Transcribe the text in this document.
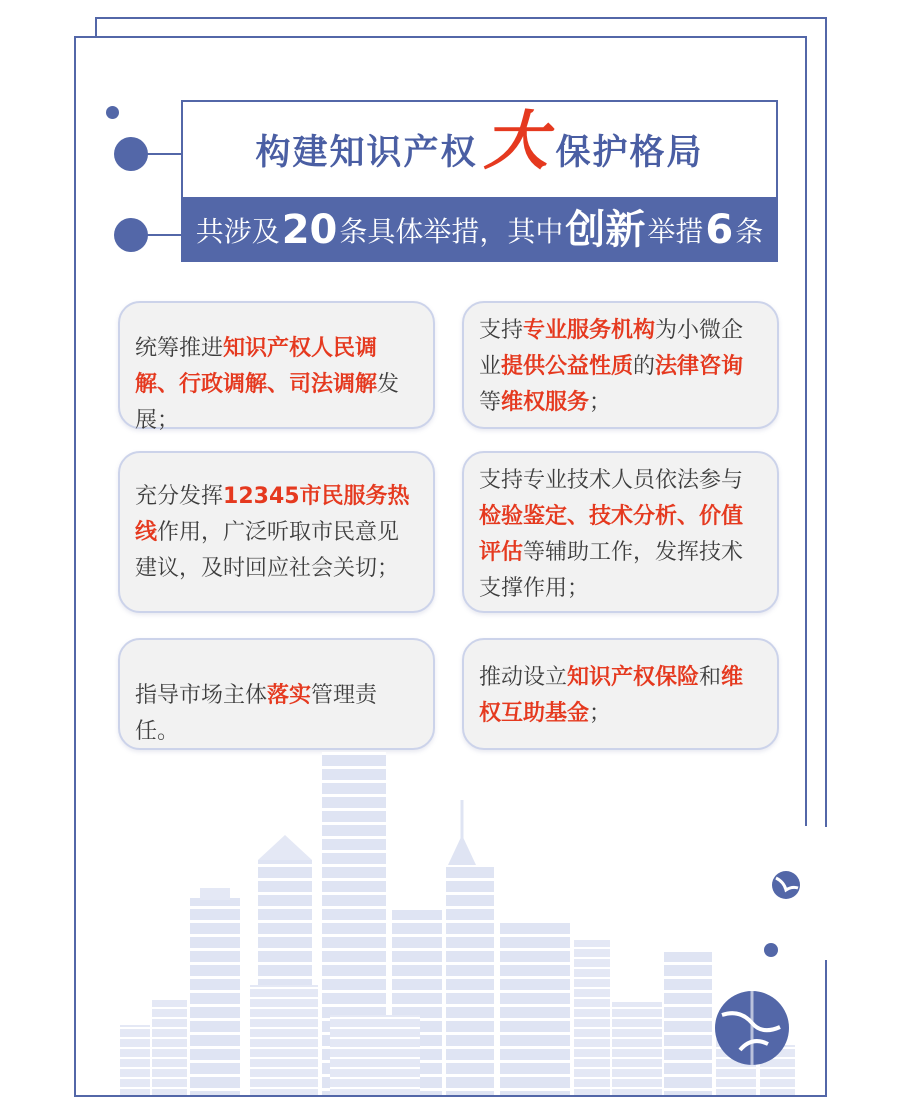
构建知识产权 大 保护格局
共涉及 20 条具体举措，其中 创新 举措 6 条
统筹推进知识产权人民调解、行政调解、司法调解发展；
支持专业服务机构为小微企业提供公益性质的法律咨询等维权服务；
充分发挥12345市民服务热线作用，广泛听取市民意见建议，及时回应社会关切；
支持专业技术人员依法参与检验鉴定、技术分析、价值评估等辅助工作，发挥技术支撑作用；
指导市场主体落实管理责任。
推动设立知识产权保险和维权互助基金；
